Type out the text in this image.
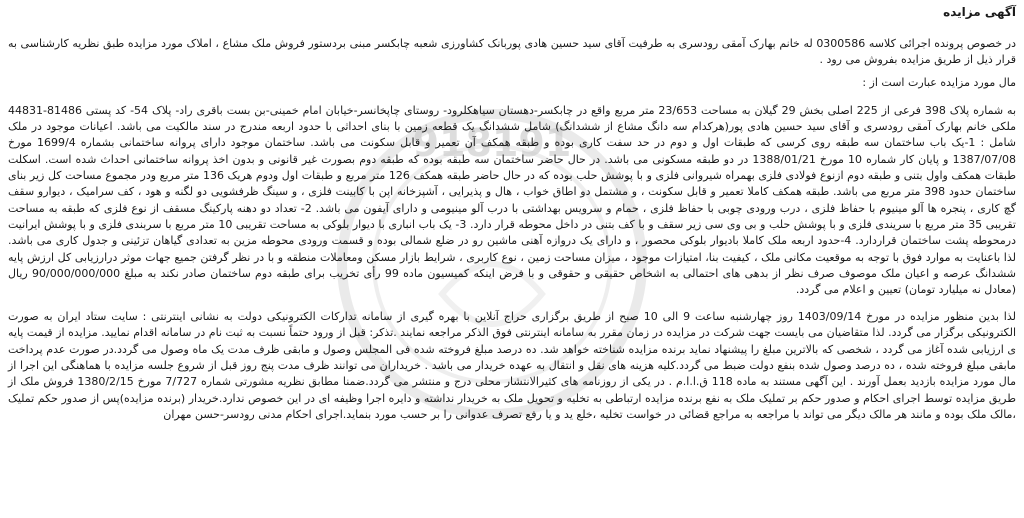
918191
آگهی مزایده

در خصوص پرونده اجرائی کلاسه 0300586 له خانم بهارک آمقی رودسری به طرفیت آقای سید حسین هادی پوربانک کشاورزی شعبه چابکسر مبنی بردستور فروش ملک مشاع ، املاک مورد مزایده طبق نظریه کارشناسی به قرار ذیل از طریق مزایده بفروش می رود .

مال مورد مزایده عبارت است از :

به شماره پلاک 398 فرعی از 225 اصلی بخش 29 گیلان به مساحت 23/653 متر مربع واقع در چابکسر-دهستان سیاهکلرود- روستای چاپخانسر-خیابان امام خمینی-بن بست باقری راد- پلاک 54- کد پستی 81486-44831 ملکی خانم بهارک آمقی رودسری و آقای سید حسین هادی پور(هرکدام سه دانگ مشاع از ششدانگ) شامل ششدانگ یک قطعه زمین با بنای احداثی با حدود اربعه مندرج در سند مالکیت می باشد. اعیانات موجود در ملک شامل : 1-یک باب ساختمان سه طبقه روی کرسی که طبقات اول و دوم در حد سفت کاری بوده و طبقه همکف آن تعمیر و قابل سکونت می باشد. ساختمان موجود دارای پروانه ساختمانی بشماره 1699/4 مورخ 1387/07/08 و پایان کار شماره 10 مورخ 1388/01/21 در دو طبقه مسکونی می باشد. در حال حاضر ساختمان سه طبقه بوده که طبقه دوم بصورت غیر قانونی و بدون اخذ پروانه ساختمانی احداث شده است. اسکلت طبقات همکف واول بتنی و طبقه دوم ازنوع فولادی فلزی بهمراه شیروانی فلزی و با پوشش حلب بوده که در حال حاضر طبقه همکف 126 متر مربع و طبقات اول ودوم هریک 136 متر مربع ودر مجموع مساحت کل زیر بنای ساختمان حدود 398 متر مربع می باشد. طبقه همکف کاملا تعمیر و قابل سکونت ، و مشتمل دو اطاق خواب ، هال و پذیرایی ، آشپزخانه اپن با کابینت فلزی ، و سینگ ظرفشویی دو لگنه و هود ، کف سرامیک ، دیوارو سقف گچ کاری ، پنجره ها آلو مینیوم با حفاظ فلزی ، درب ورودی چوبی با حفاظ فلزی ، حمام و سرویس بهداشتی با درب آلو مینیومی و دارای آیفون می باشد. 2- تعداد دو دهنه پارکینگ مسقف از نوع فلزی که طبقه به مساحت تقریبی 35 متر مربع با سریندی فلزی و با پوشش حلب و بی وی سی زیر سقف و با کف بتنی در داخل محوطه قرار دارد. 3- یک باب انباری با دیوار بلوکی به مساحت تقریبی 10 متر مربع با سربندی فلزی و با پوشش ایرانیت درمحوطه پشت ساختمان قراردارد. 4-حدود اربعه ملک کاملا بادیوار بلوکی محصور ، و دارای یک دروازه آهنی ماشین رو در ضلع شمالی بوده و قسمت ورودی محوطه مزین به تعدادی گیاهان تزئینی و جدول کاری می باشد. لذا باعنایت به موارد فوق با توجه به موقعیت مکانی ملک ، کیفیت بنا، امتیازات موجود ، میزان مساحت زمین ، نوع کاربری ، شرایط بازار مسکن ومعاملات منطقه و با در نظر گرفتن جمیع جهات موثر درارزیابی کل ارزش پایه ششدانگ عرصه و اعیان ملک موصوف صرف نظر از بدهی های احتمالی به اشخاص حقیقی و حقوقی و با فرض اینکه کمیسیون ماده 99 رأی تخریب برای طبقه دوم ساختمان صادر نکند به مبلغ 90/000/000/000 ریال (معادل نه میلیارد تومان) تعیین و اعلام می گردد.

لذا بدین منظور مزایده در مورخ 1403/09/14 روز چهارشنبه ساعت 9 الی 10 صبح از طریق برگزاری حراج آنلاین با بهره گیری از سامانه تدارکات الکترونیکی دولت به نشانی اینترنتی : سایت ستاد ایران به صورت الکترونیکی برگزار می گردد. لذا متقاضیان می بایست جهت شرکت در مزایده در زمان مقرر به سامانه اینترنتی فوق الذکر مراجعه نمایند .تذکر: قبل از ورود حتماً نسبت به ثبت نام در سامانه اقدام نمایید. مزایده از قیمت پایه ی ارزیابی شده آغاز می گردد ، شخصی که بالاترین مبلغ را پیشنهاد نماید برنده مزایده شناخته خواهد شد. ده درصد مبلغ فروخته شده فی المجلس وصول و مابقی ظرف مدت یک ماه وصول می گردد.در صورت عدم پرداخت مابقی مبلغ فروخته شده ، ده درصد وصول شده بنفع دولت ضبط می گردد.کلیه هزینه های نقل و انتقال به عهده خریدار می باشد . خریداران می توانند ظرف مدت پنج روز قبل از شروع جلسه مزایده با هماهنگی این اجرا از مال مورد مزایده بازدید بعمل آورند . این آگهی مستند به ماده 118 ق.ا.ا.م . در یکی از روزنامه های کثیرالانتشار محلی درج و منتشر می گردد.ضمنا مطابق نظریه مشورتی شماره 7/727 مورخ 1380/2/15 فروش ملک از طریق مزایده توسط اجرای احکام و صدور حکم بر تملیک ملک به نفع برنده مزایده ارتباطی به تخلیه و تحویل ملک به خریدار نداشته و دایره اجرا وظیفه ای در این خصوص ندارد.خریدار (برنده مزایده)پس از صدور حکم تملیک ،مالک ملک بوده و مانند هر مالک دیگر می تواند با مراجعه به مراجع قضائی در خواست تخلیه ،خلع ید و یا رفع تصرف عدوانی را بر حسب مورد بنماید.اجرای احکام مدنی رودسر-حسن مهران
